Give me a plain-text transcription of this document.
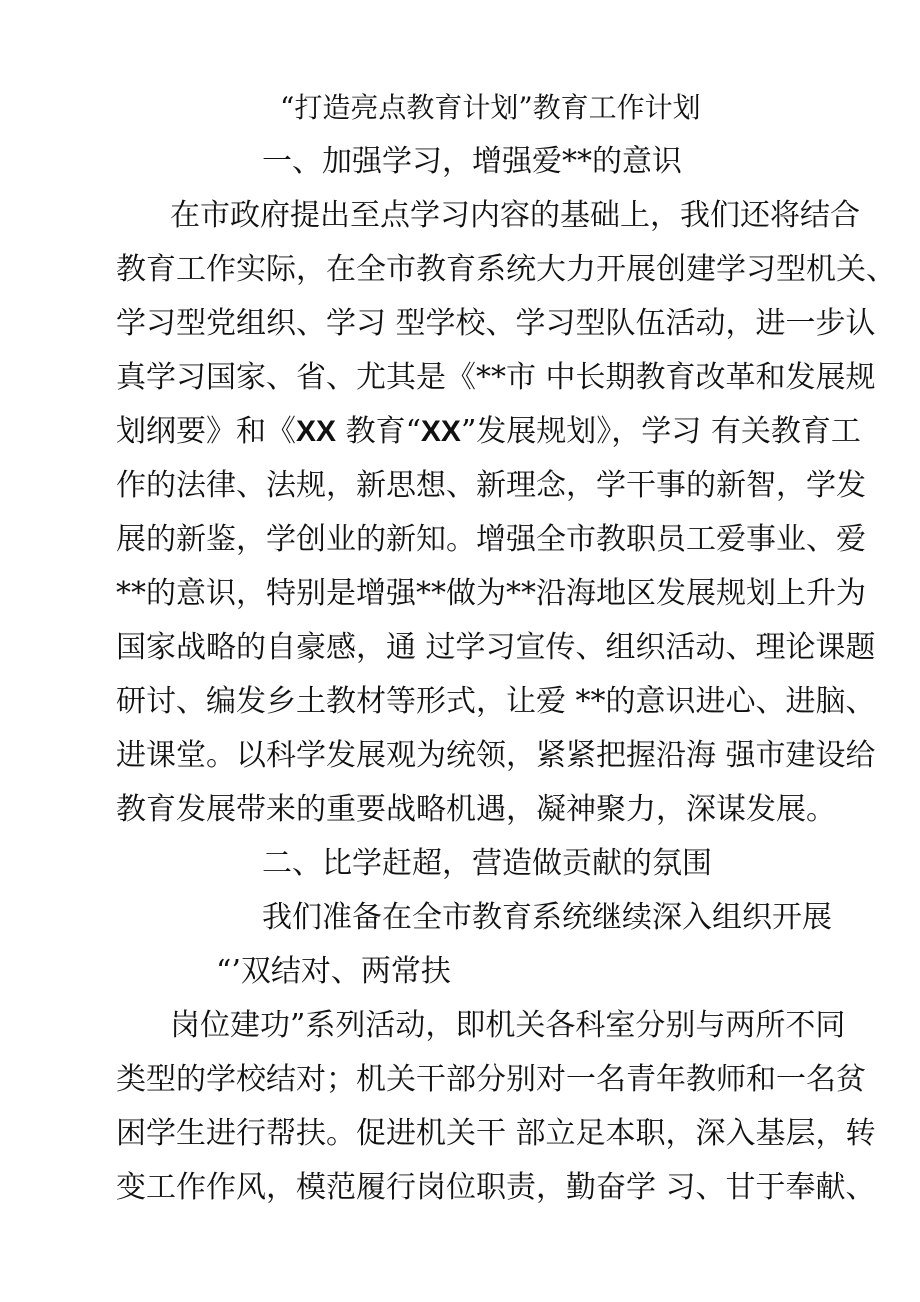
“打造亮点教育计划”教育工作计划
一、加强学习，增强爱**的意识
在市政府提出至点学习内容的基础上，我们还将结合
教育工作实际，在全市教育系统大力开展创建学习型机关、
学习型党组织、学习 型学校、学习型队伍活动，进一步认
真学习国家、省、尤其是《**市 中长期教育改革和发展规
划纲要》和《XX 教育“XX”发展规划》，学习 有关教育工
作的法律、法规，新思想、新理念，学干事的新智，学发
展的新鉴，学创业的新知。增强全市教职员工爱事业、爱
**的意识，特别是增强**做为**沿海地区发展规划上升为
国家战略的自豪感，通 过学习宣传、组织活动、理论课题
研讨、编发乡土教材等形式，让爱 **的意识进心、进脑、
进课堂。以科学发展观为统领，紧紧把握沿海 强市建设给
教育发展带来的重要战略机遇，凝神聚力，深谋发展。
二、比学赶超，营造做贡献的氛围
我们准备在全市教育系统继续深入组织开展
“’双结对、两常扶
岗位建功”系列活动，即机关各科室分别与两所不同
类型的学校结对；机关干部分别对一名青年教师和一名贫
困学生进行帮扶。促进机关干 部立足本职，深入基层，转
变工作作风，模范履行岗位职责，勤奋学 习、甘于奉献、
